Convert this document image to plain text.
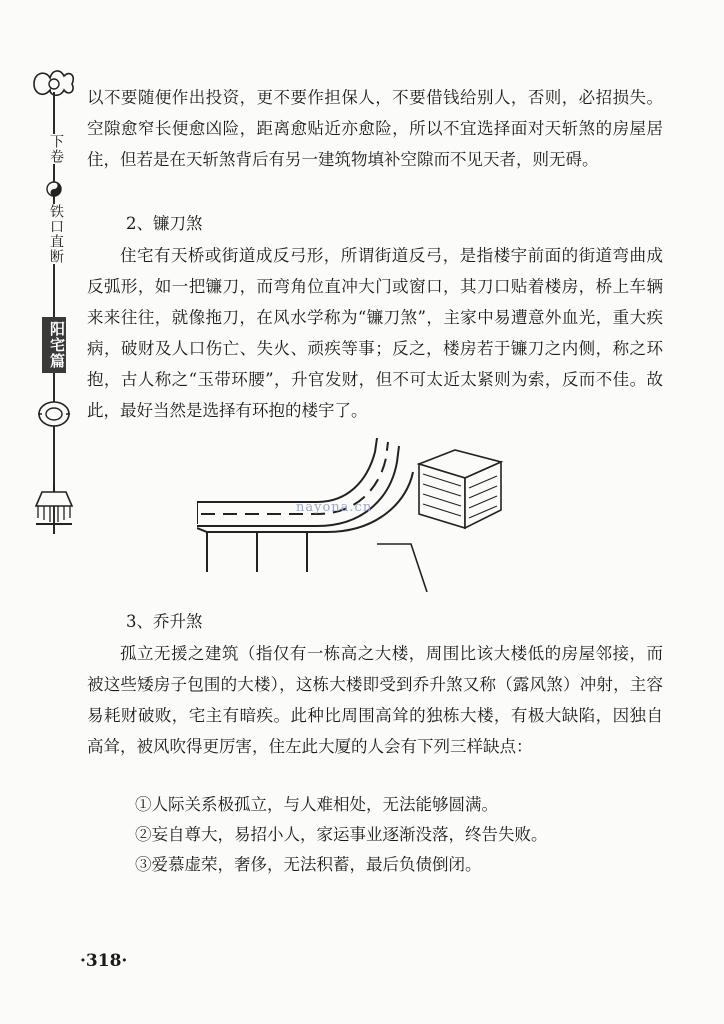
下卷
铁口直断
阳宅篇

以不要随便作出投资，更不要作担保人，不要借钱给别人，否则，必招损失。空隙愈窄长便愈凶险，距离愈贴近亦愈险，所以不宜选择面对天斩煞的房屋居住，但若是在天斩煞背后有另一建筑物填补空隙而不见天者，则无碍。

2、镰刀煞

住宅有天桥或街道成反弓形，所谓街道反弓，是指楼宇前面的街道弯曲成反弧形，如一把镰刀，而弯角位直冲大门或窗口，其刀口贴着楼房，桥上车辆来来往往，就像拖刀，在风水学称为“镰刀煞”，主家中易遭意外血光，重大疾病，破财及人口伤亡、失火、顽疾等事；反之，楼房若于镰刀之内侧，称之环抱，古人称之“玉带环腰”，升官发财，但不可太近太紧则为索，反而不佳。故此，最好当然是选择有环抱的楼宇了。

nayona.cn

3、乔升煞

孤立无援之建筑（指仅有一栋高之大楼，周围比该大楼低的房屋邻接，而被这些矮房子包围的大楼），这栋大楼即受到乔升煞又称（露风煞）冲射，主容易耗财破败，宅主有暗疾。此种比周围高耸的独栋大楼，有极大缺陷，因独自高耸，被风吹得更厉害，住左此大厦的人会有下列三样缺点：

①人际关系极孤立，与人难相处，无法能够圆满。

②妄自尊大，易招小人，家运事业逐渐没落，终告失败。

③爱慕虚荣，奢侈，无法积蓄，最后负债倒闭。

·318·
